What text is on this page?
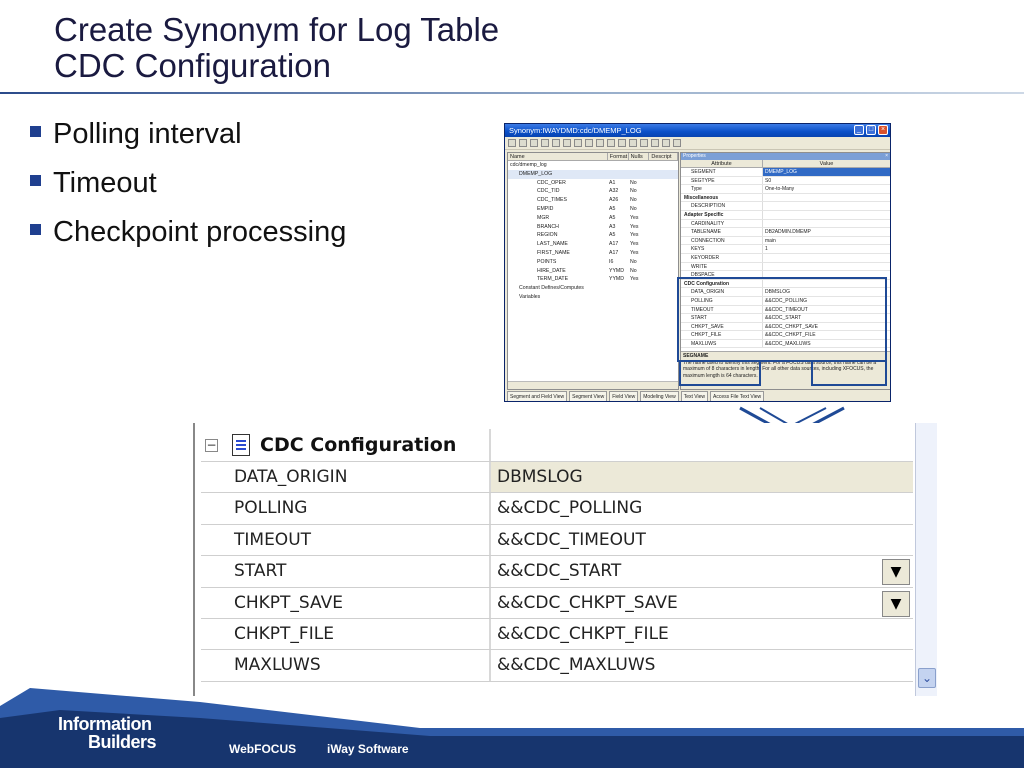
Create Synonym for Log Table
CDC Configuration
Polling interval
Timeout
Checkpoint processing
Synonym:IWAYDMD:cdc/DMEMP_LOG	_	□	×
Name	Format Nulls	Descript
cdc/dmemp_log
DMEMP_LOG
CDC_OPER	A1	No
CDC_TID	A32	No
CDC_TIMES	A26	No
EMPID	A5	No
MGR	A5	Yes
BRANCH	A3	Yes
REGION	A5	Yes
LAST_NAME	A17	Yes
FIRST_NAME	A17	Yes
POINTS	I6	No
HIRE_DATE	YYMD	No
TERM_DATE	YYMD	Yes
Constant Defines/Computes
Variables
Properties	×
Attribute	Value
SEGMENT	DMEMP_LOG
SEGTYPE	S0
Type	One-to-Many
Miscellaneous
DESCRIPTION
Adapter Specific
CARDINALITY
TABLENAME	DB2ADMIN.DMEMP
CONNECTION	main
KEYS	1
KEYORDER
WRITE
DBSPACE
CDC Configuration
DATA_ORIGIN	DBMSLOG
POLLING	&&CDC_POLLING
TIMEOUT	&&CDC_TIMEOUT
START	&&CDC_START
CHKPT_SAVE	&&CDC_CHKPT_SAVE
CHKPT_FILE	&&CDC_CHKPT_FILE
MAXLUWS	&&CDC_MAXLUWS
SEGNAME
The name used to identify this segment. For a FOCUS data source, this name can be a maximum of 8 characters in length. For all other data sources, including XFOCUS, the maximum length is 64 characters.
Segment and Field View	Segment View	Field View	Modeling View	Text View	Access File Text View
− CDC Configuration
DATA_ORIGIN	DBMSLOG
POLLING	&&CDC_POLLING
TIMEOUT	&&CDC_TIMEOUT
START	&&CDC_START	▼
CHKPT_SAVE	&&CDC_CHKPT_SAVE	▼
CHKPT_FILE	&&CDC_CHKPT_FILE
MAXLUWS	&&CDC_MAXLUWS
⌄
Information
Builders	WebFOCUS	iWay Software
